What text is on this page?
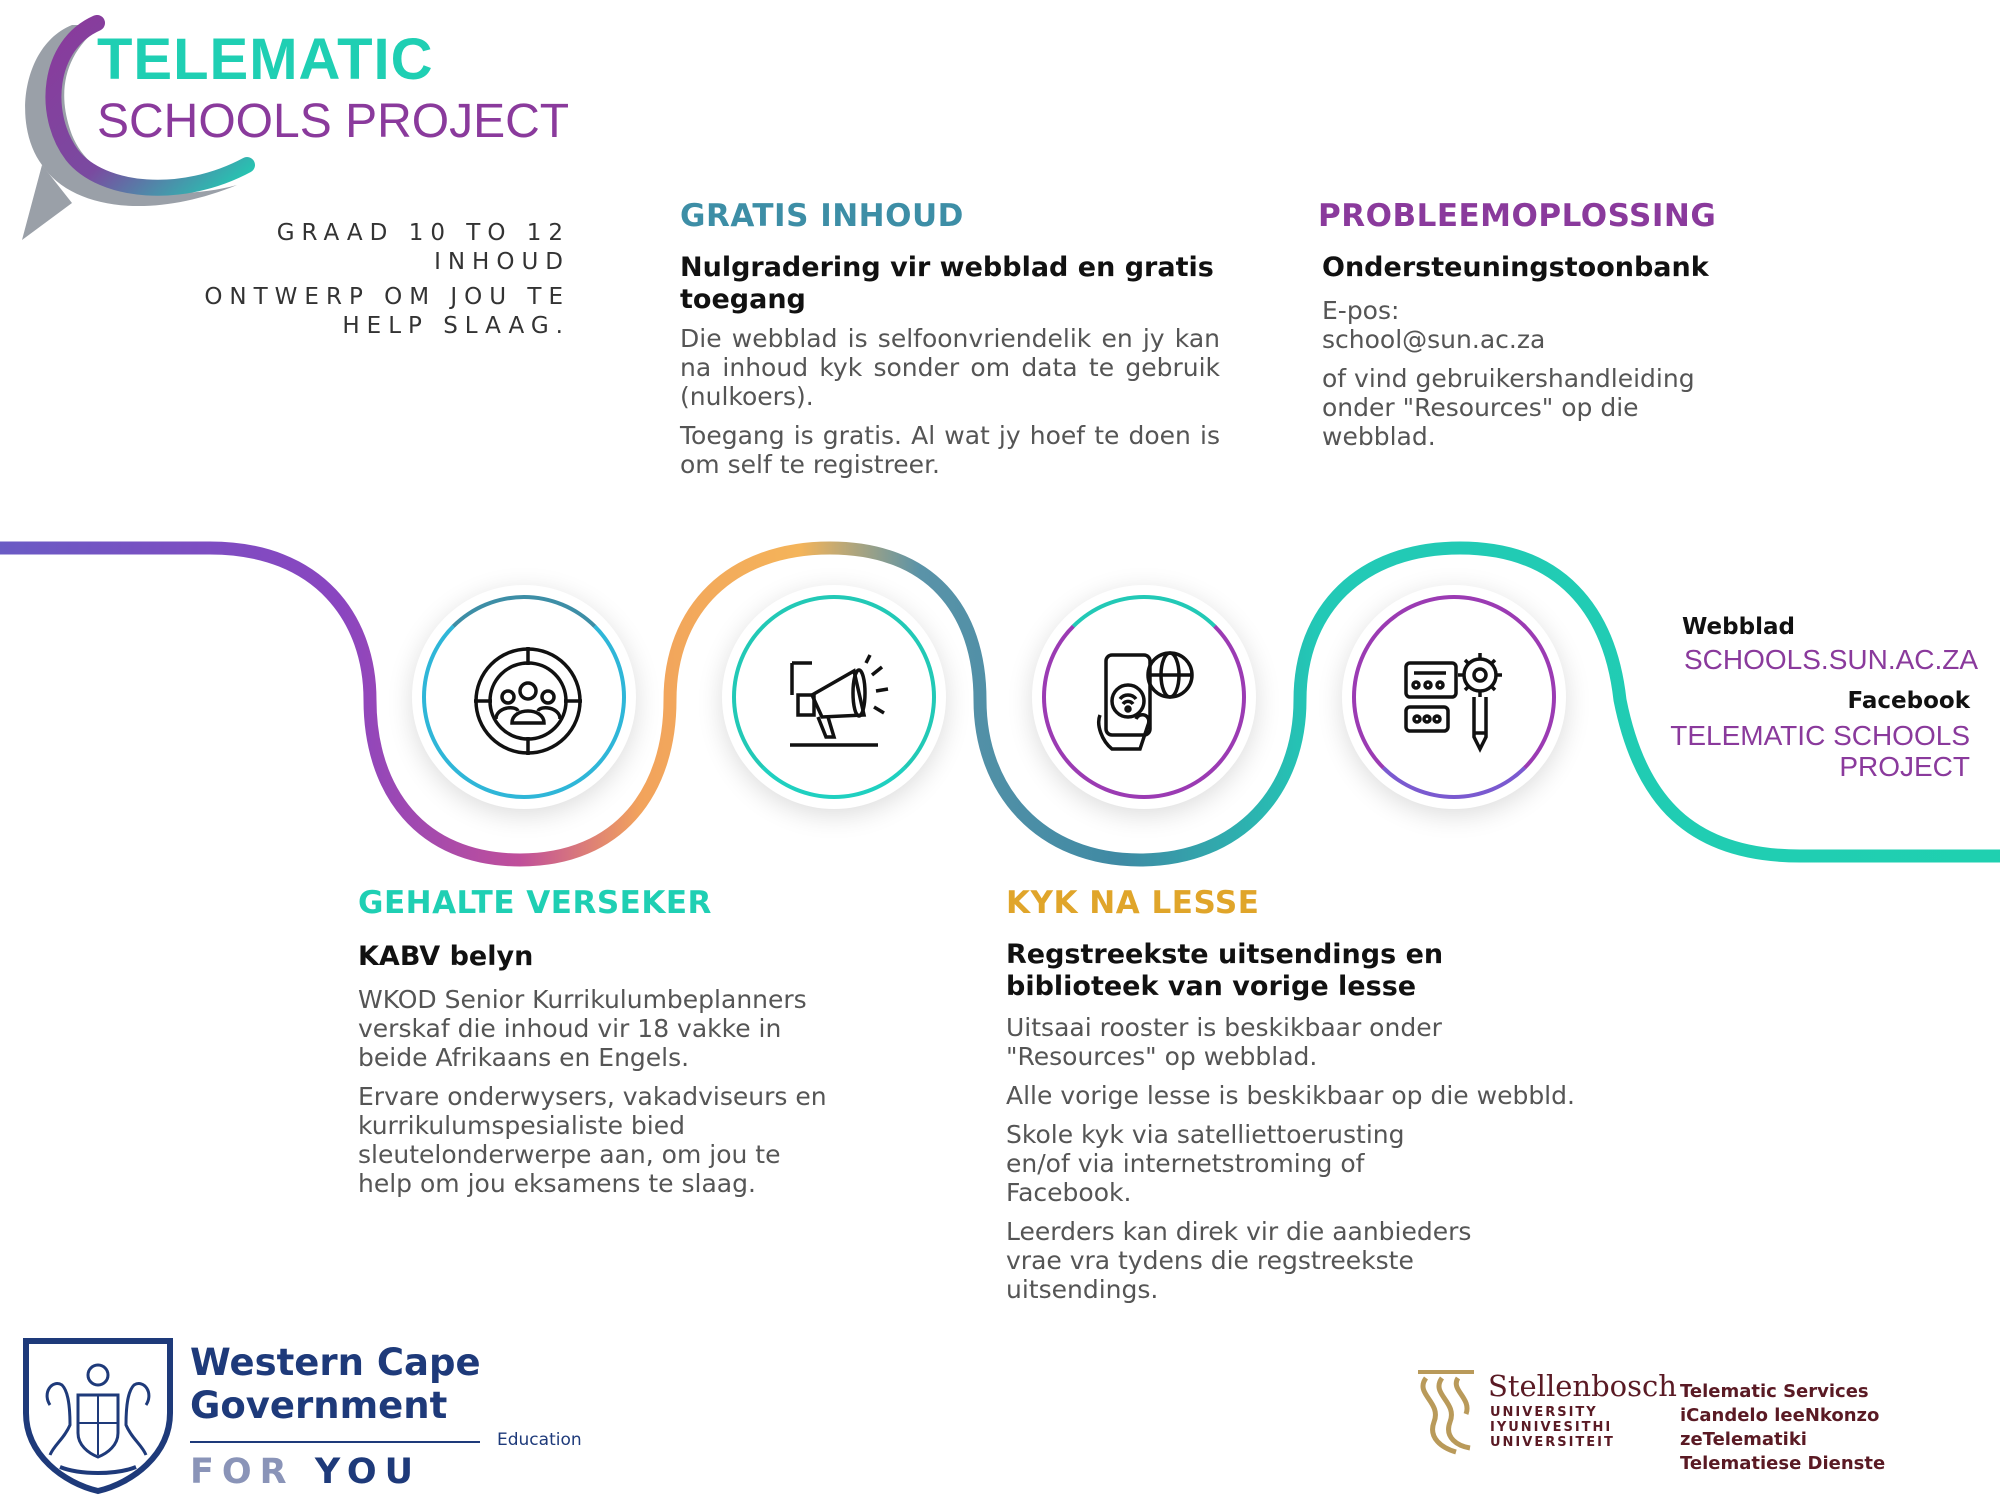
TELEMATIC
SCHOOLS PROJECT
GRAAD 10 TO 12
INHOUD
ONTWERP OM JOU TE
HELP SLAAG.
GRATIS INHOUD
Nulgradering vir webblad en gratis toegang

Die webblad is selfoonvriendelik en jy kan na inhoud kyk sonder om data te gebruik (nulkoers).

Toegang is gratis. Al wat jy hoef te doen is om self te registreer.

PROBLEEMOPLOSSING
Ondersteuningstoonbank
E-pos:

school@sun.ac.za

of vind gebruikershandleiding onder "Resources" op die webblad.

GEHALTE VERSEKER
KABV belyn

WKOD Senior Kurrikulumbeplanners verskaf die inhoud vir 18 vakke in beide Afrikaans en Engels.

Ervare onderwysers, vakadviseurs en kurrikulumspesialiste bied sleutelonderwerpe aan, om jou te help om jou eksamens te slaag.

KYK NA LESSE
Regstreekste uitsendings en biblioteek van vorige lesse

Uitsaai rooster is beskikbaar onder "Resources" op webblad.

Alle vorige lesse is beskikbaar op die webbld.

Skole kyk via satelliettoerusting en/of via internetstroming of Facebook.

Leerders kan direk vir die aanbieders vrae vra tydens die regstreekste uitsendings.

Webblad
SCHOOLS.SUN.AC.ZA
Facebook
TELEMATIC SCHOOLS
PROJECT
Western Cape
Government
Education
FOR YOU
Stellenbosch
UNIVERSITY
IYUNIVESITHI
UNIVERSITEIT
Telematic Services
iCandelo leeNkonzo zeTelematiki
Telematiese Dienste
